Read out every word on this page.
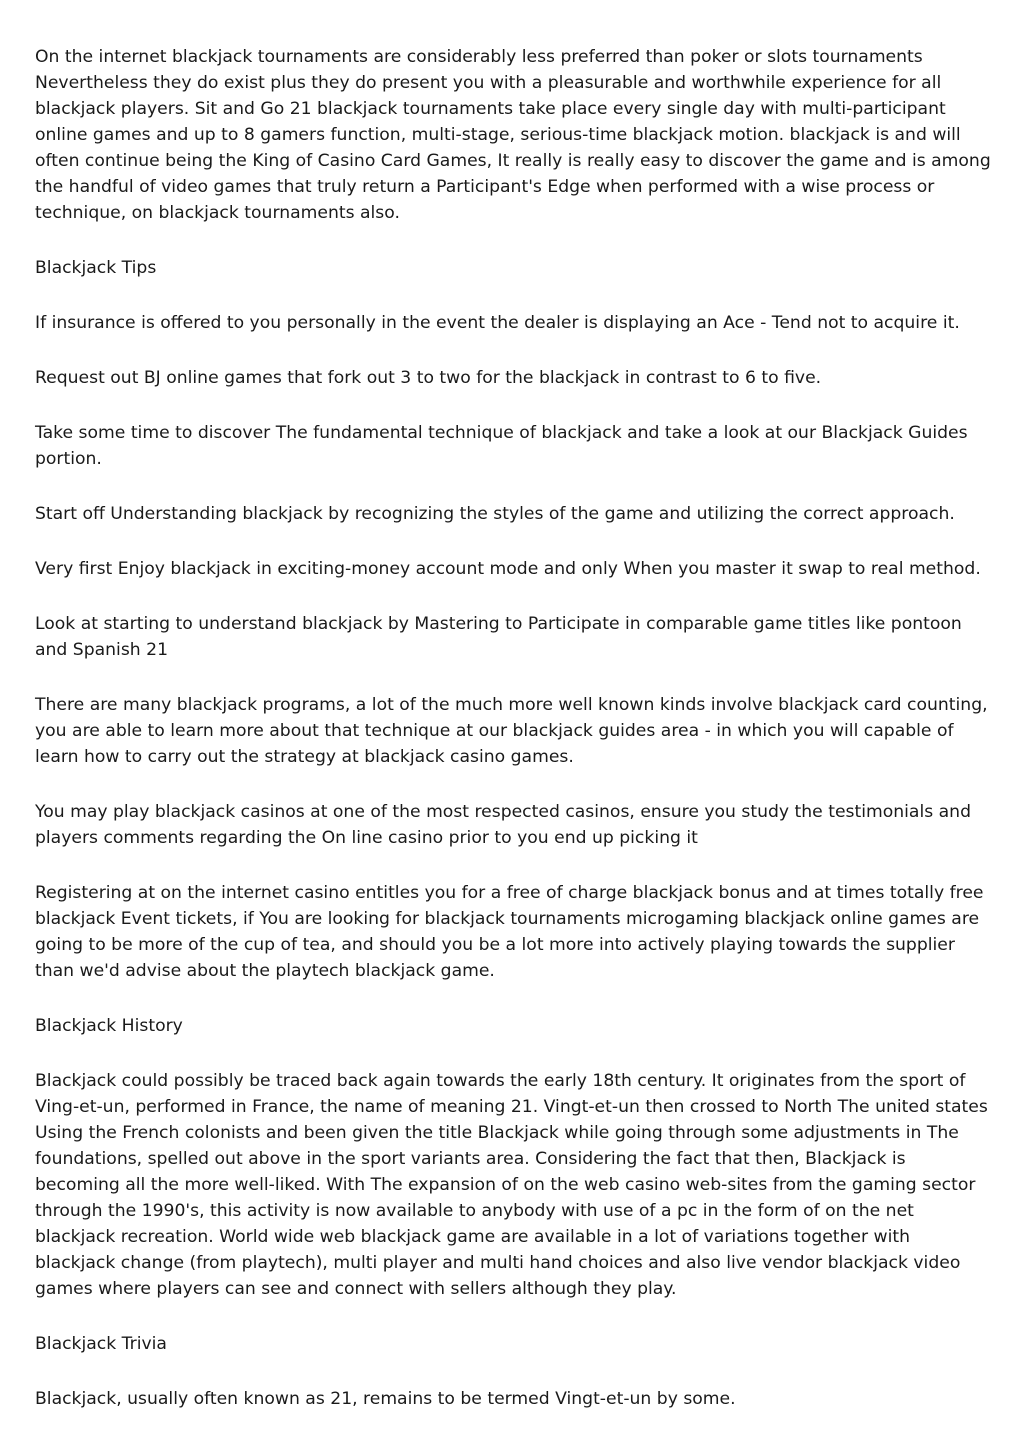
On the internet blackjack tournaments are considerably less preferred than poker or slots tournaments Nevertheless they do exist plus they do present you with a pleasurable and worthwhile experience for all blackjack players. Sit and Go 21 blackjack tournaments take place every single day with multi-participant online games and up to 8 gamers function, multi-stage, serious-time blackjack motion. blackjack is and will often continue being the King of Casino Card Games, It really is really easy to discover the game and is among the handful of video games that truly return a Participant's Edge when performed with a wise process or technique, on blackjack tournaments also.

Blackjack Tips

If insurance is offered to you personally in the event the dealer is displaying an Ace - Tend not to acquire it.

Request out BJ online games that fork out 3 to two for the blackjack in contrast to 6 to five.

Take some time to discover The fundamental technique of blackjack and take a look at our Blackjack Guides portion.

Start off Understanding blackjack by recognizing the styles of the game and utilizing the correct approach.

Very first Enjoy blackjack in exciting-money account mode and only When you master it swap to real method.

Look at starting to understand blackjack by Mastering to Participate in comparable game titles like pontoon and Spanish 21

There are many blackjack programs, a lot of the much more well known kinds involve blackjack card counting, you are able to learn more about that technique at our blackjack guides area - in which you will capable of learn how to carry out the strategy at blackjack casino games.

You may play blackjack casinos at one of the most respected casinos, ensure you study the testimonials and players comments regarding the On line casino prior to you end up picking it

Registering at on the internet casino entitles you for a free of charge blackjack bonus and at times totally free blackjack Event tickets, if You are looking for blackjack tournaments microgaming blackjack online games are going to be more of the cup of tea, and should you be a lot more into actively playing towards the supplier than we'd advise about the playtech blackjack game.

Blackjack History

Blackjack could possibly be traced back again towards the early 18th century. It originates from the sport of Ving-et-un, performed in France, the name of meaning 21. Vingt-et-un then crossed to North The united states Using the French colonists and been given the title Blackjack while going through some adjustments in The foundations, spelled out above in the sport variants area. Considering the fact that then, Blackjack is becoming all the more well-liked. With The expansion of on the web casino web-sites from the gaming sector through the 1990's, this activity is now available to anybody with use of a pc in the form of on the net blackjack recreation. World wide web blackjack game are available in a lot of variations together with blackjack change (from playtech), multi player and multi hand choices and also live vendor blackjack video games where players can see and connect with sellers although they play.

Blackjack Trivia

Blackjack, usually often known as 21, remains to be termed Vingt-et-un by some.
